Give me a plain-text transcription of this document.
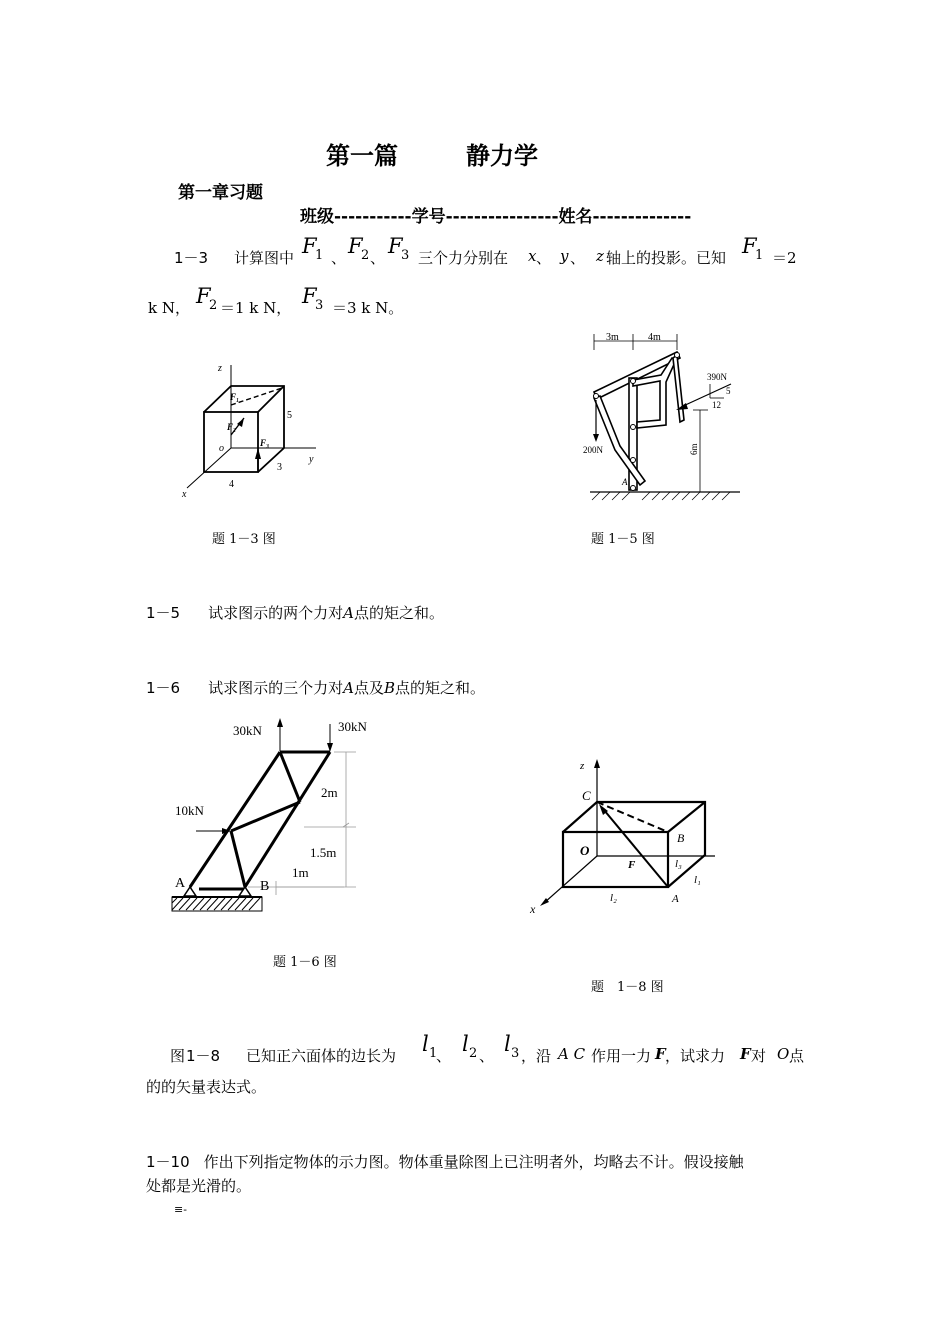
第一篇	静力学
第一章习题
班级-----------学号----------------姓名--------------
1－3 计算图中 F
1 、 F
2 、 F
3 三个力分别在 x 、 y 、 z 轴上的投影。已知 F
1 ＝2
k N， F
2 ＝1 k N， F
3 ＝3 k N。
z
y
x
o
F₁
F₂
F₃
5
3
4
题 1－3 图
3m	4m
390N
5
12
200N	6m
A
题 1－5 图
1－5 试求图示的两个力对A点的矩之和。
1－6 试求图示的三个力对A点及B点的矩之和。
30kN	30kN
10kN
2m
1.5m
1m
A	B
题 1－6 图
z
C
B
O
F	l₃
l₁
x
l₂	A
题　1－8 图
图 1－8 已知正六面体的边长为 l 1
、 l 2 、 l 3 ，沿 A C 作用一力 F ，试求力 F 对 O 点
的的矢量表达式。
1－10 作出下列指定物体的示力图。物体重量除图上已注明者外，均略去不计。假设接触
处都是光滑的。
≡-
